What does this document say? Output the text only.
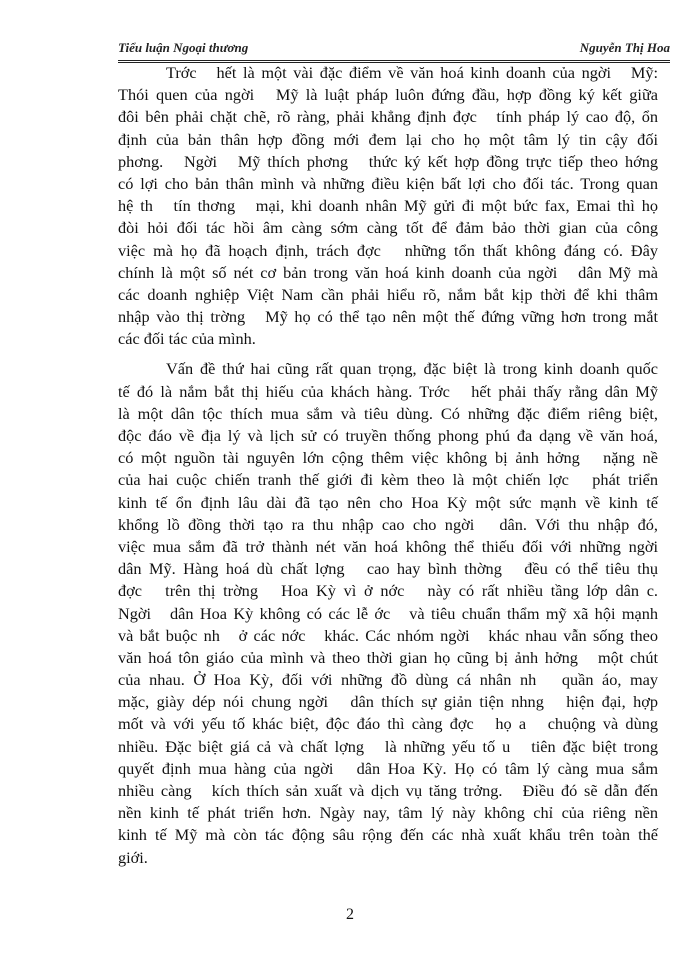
Tiểu luận Ngoại thương	Nguyễn Thị Hoa
Trớc   hết là một vài đặc điểm về văn hoá kinh doanh của ngời   Mỹ:
Thói quen của ngời   Mỹ là luật pháp luôn đứng đầu, hợp đồng ký kết giữa
đôi bên phải chặt chẽ, rõ ràng, phải khẳng định đợc   tính pháp lý cao độ, ổn
định của bản thân hợp đồng mới đem lại cho họ một tâm lý tin cậy đối
phơng.   Ngời   Mỹ thích phơng   thức ký kết hợp đồng trực tiếp theo hớng
có lợi cho bản thân mình và những điều kiện bất lợi cho đối tác. Trong quan
hệ th   tín thơng   mại, khi doanh nhân Mỹ gửi đi một bức fax, Emai thì họ
đòi hỏi đối tác hồi âm càng sớm càng tốt để đảm bảo thời gian của công
việc mà họ đã hoạch định, trách đợc   những tổn thất không đáng có. Đây
chính là một số nét cơ bản trong văn hoá kinh doanh của ngời   dân Mỹ mà
các doanh nghiệp Việt Nam cần phải hiểu rõ, nắm bắt kịp thời để khi thâm
nhập vào thị trờng   Mỹ họ có thể tạo nên một thế đứng vững hơn trong mắt
các đối tác của mình.
Vấn đề thứ hai cũng rất quan trọng, đặc biệt là trong kinh doanh quốc
tế đó là nắm bắt thị hiếu của khách hàng. Trớc   hết phải thấy rằng dân Mỹ
là một dân tộc thích mua sắm và tiêu dùng. Có những đặc điểm riêng biệt,
độc đáo về địa lý và lịch sử có truyền thống phong phú đa dạng về văn hoá,
có một nguồn tài nguyên lớn cộng thêm việc không bị ảnh hởng   nặng nề
của hai cuộc chiến tranh thế giới đi kèm theo là một chiến lợc   phát triển
kinh tế ổn định lâu dài đã tạo nên cho Hoa Kỳ một sức mạnh về kinh tế
khổng lồ đồng thời tạo ra thu nhập cao cho ngời   dân. Với thu nhập đó,
việc mua sắm đã trở thành nét văn hoá không thể thiếu đối với những ngời
dân Mỹ. Hàng hoá dù chất lợng   cao hay bình thờng   đều có thể tiêu thụ
đợc   trên thị trờng   Hoa Kỳ vì ở nớc   này có rất nhiều tầng lớp dân c.
Ngời   dân Hoa Kỳ không có các lễ ớc   và tiêu chuẩn thẩm mỹ xã hội mạnh
và bắt buộc nh   ở các nớc   khác. Các nhóm ngời   khác nhau vẫn sống theo
văn hoá tôn giáo của mình và theo thời gian họ cũng bị ảnh hởng   một chút
của nhau. Ở Hoa Kỳ, đối với những đồ dùng cá nhân nh   quần áo, may
mặc, giày dép nói chung ngời   dân thích sự giản tiện nhng   hiện đại, hợp
mốt và với yếu tố khác biệt, độc đáo thì càng đợc   họ a   chuộng và dùng
nhiều. Đặc biệt giá cả và chất lợng   là những yếu tố u   tiên đặc biệt trong
quyết định mua hàng của ngời   dân Hoa Kỳ. Họ có tâm lý càng mua sắm
nhiều càng   kích thích sản xuất và dịch vụ tăng trởng.   Điều đó sẽ dẫn đến
nền kinh tế phát triển hơn. Ngày nay, tâm lý này không chỉ của riêng nền
kinh tế Mỹ mà còn tác động sâu rộng đến các nhà xuất khẩu trên toàn thế
giới.
2
